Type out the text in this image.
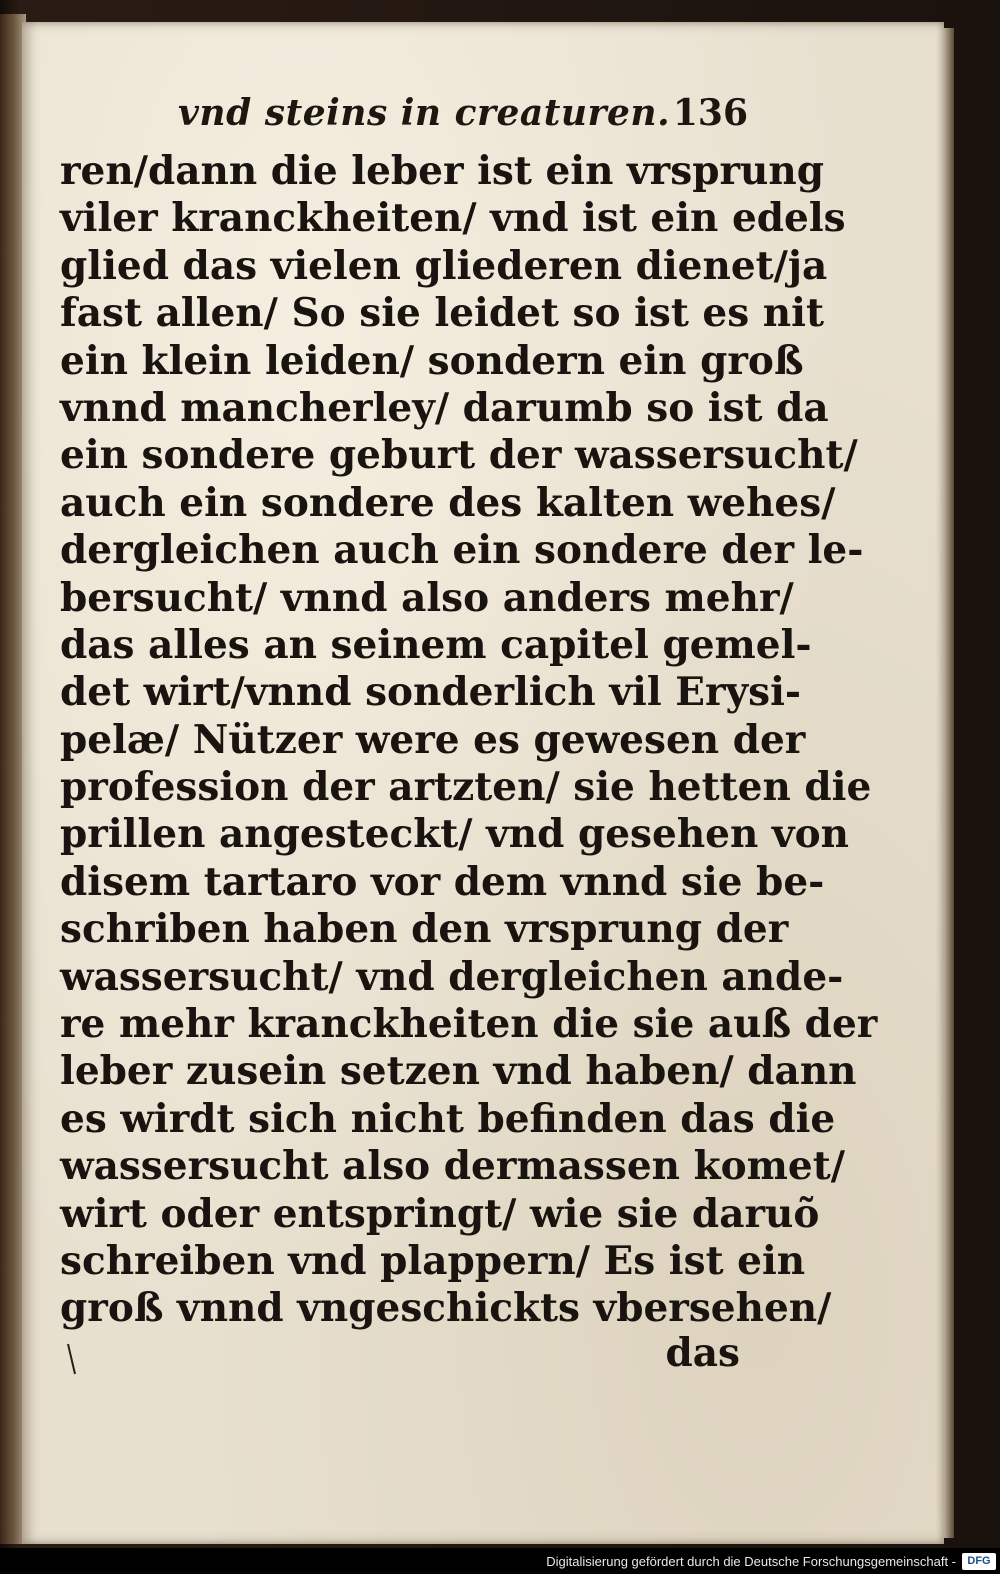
vnd steins in creaturen. 136
ren/dann die leber ist ein vrsprung
viler kranckheiten/ vnd ist ein edels
glied das vielen gliederen dienet/ja
fast allen/ So sie leidet so ist es nit
ein klein leiden/ sondern ein groß
vnnd mancherley/ darumb so ist da
ein sondere geburt der wassersucht/
auch ein sondere des kalten wehes/
dergleichen auch ein sondere der le-
bersucht/ vnnd also anders mehr/
das alles an seinem capitel gemel-
det wirt/vnnd sonderlich vil Erysi-
pelæ/ Nützer were es gewesen der
profession der artzten/ sie hetten die
prillen angesteckt/ vnd gesehen von
disem tartaro vor dem vnnd sie be-
schriben haben den vrsprung der
wassersucht/ vnd dergleichen ande-
re mehr kranckheiten die sie auß der
leber zusein setzen vnd haben/ dann
es wirdt sich nicht befinden das die
wassersucht also dermassen komet/
wirt oder entspringt/ wie sie daruõ
schreiben vnd plappern/ Es ist ein
groß vnnd vngeschickts vbersehen/
das
Digitalisierung gefördert durch die Deutsche Forschungsgemeinschaft -	DFG
